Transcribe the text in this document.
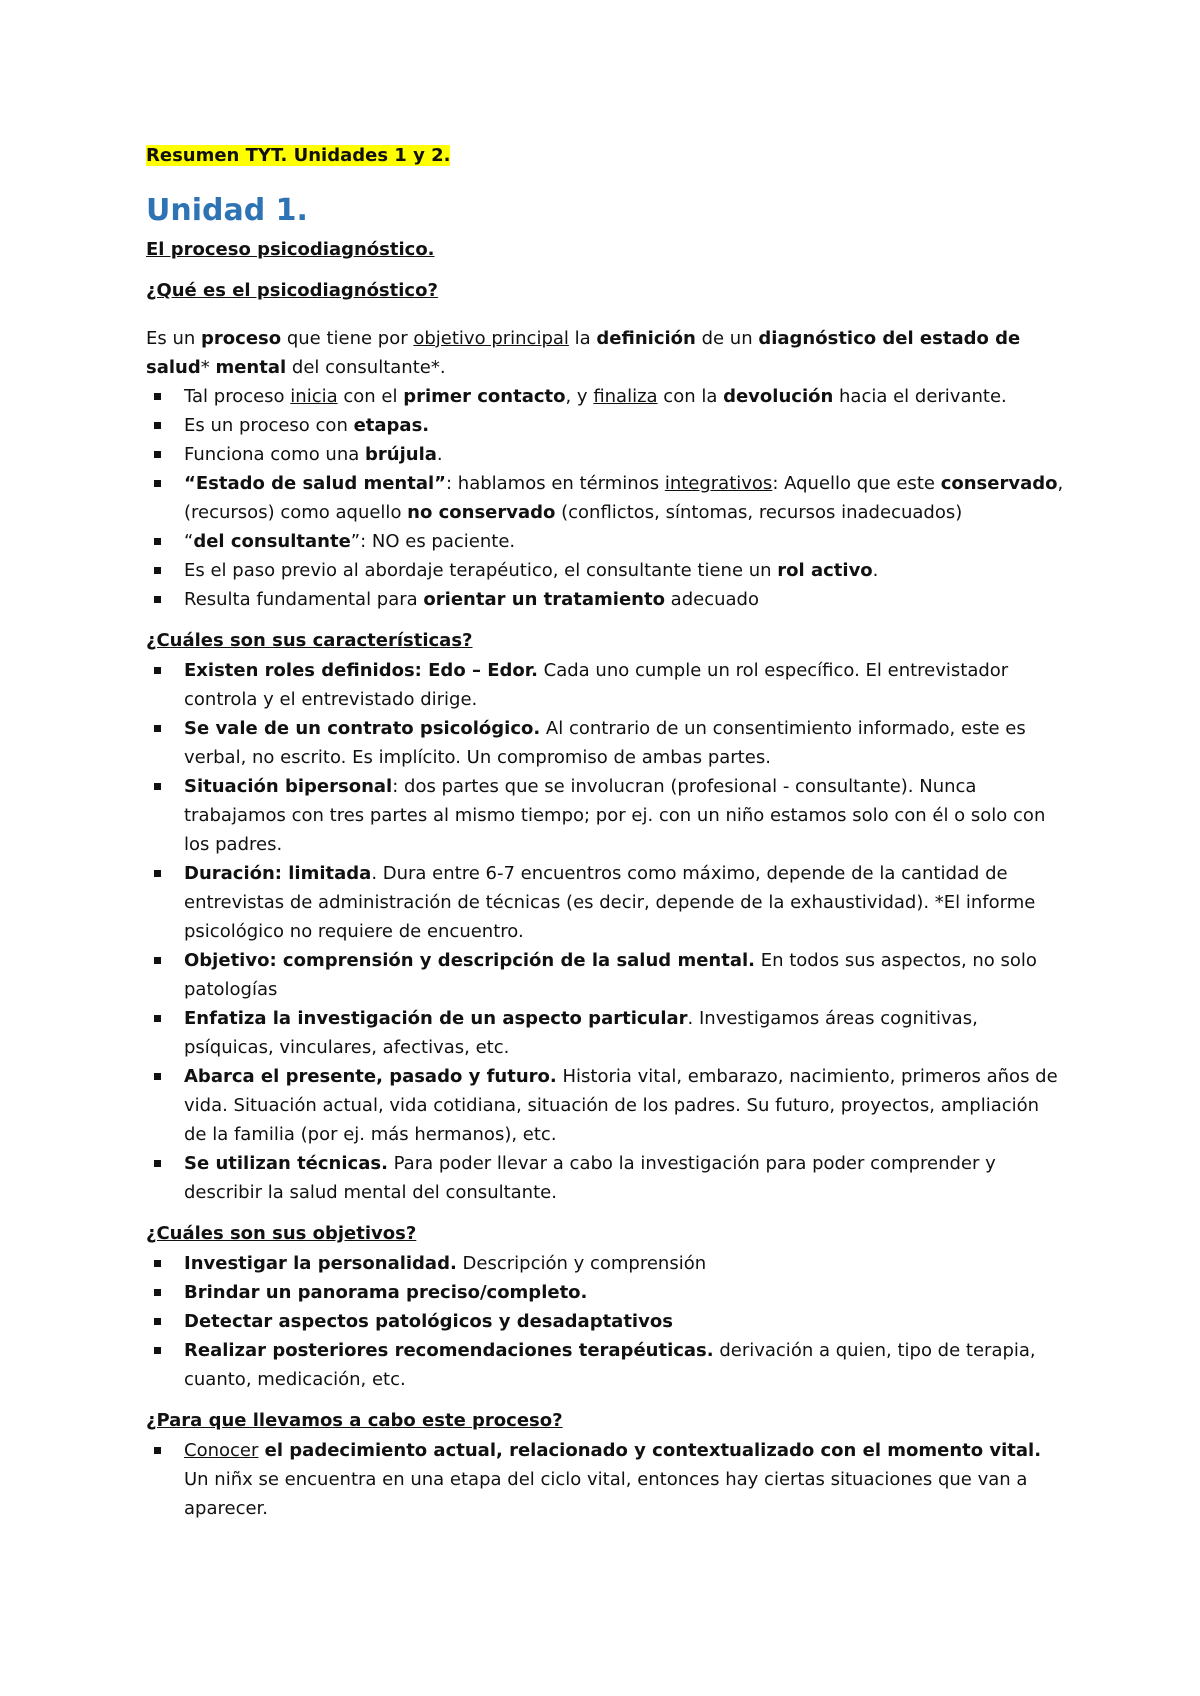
Resumen TYT. Unidades 1 y 2.
Unidad 1.
El proceso psicodiagnóstico.
¿Qué es el psicodiagnóstico?

Es un proceso que tiene por objetivo principal la definición de un diagnóstico del estado de salud* mental del consultante*.

Tal proceso inicia con el primer contacto, y finaliza con la devolución hacia el derivante.
Es un proceso con etapas.
Funciona como una brújula.
“Estado de salud mental”: hablamos en términos integrativos: Aquello que este conservado, (recursos) como aquello no conservado (conflictos, síntomas, recursos inadecuados)
“del consultante”: NO es paciente.
Es el paso previo al abordaje terapéutico, el consultante tiene un rol activo.
Resulta fundamental para orientar un tratamiento adecuado
¿Cuáles son sus características?
Existen roles definidos: Edo – Edor. Cada uno cumple un rol específico. El entrevistador controla y el entrevistado dirige.
Se vale de un contrato psicológico. Al contrario de un consentimiento informado, este es verbal, no escrito. Es implícito. Un compromiso de ambas partes.
Situación bipersonal: dos partes que se involucran (profesional - consultante). Nunca trabajamos con tres partes al mismo tiempo; por ej. con un niño estamos solo con él o solo con los padres.
Duración: limitada. Dura entre 6-7 encuentros como máximo, depende de la cantidad de entrevistas de administración de técnicas (es decir, depende de la exhaustividad). *El informe psicológico no requiere de encuentro.
Objetivo: comprensión y descripción de la salud mental. En todos sus aspectos, no solo patologías
Enfatiza la investigación de un aspecto particular. Investigamos áreas cognitivas, psíquicas, vinculares, afectivas, etc.
Abarca el presente, pasado y futuro. Historia vital, embarazo, nacimiento, primeros años de vida. Situación actual, vida cotidiana, situación de los padres. Su futuro, proyectos, ampliación de la familia (por ej. más hermanos), etc.
Se utilizan técnicas. Para poder llevar a cabo la investigación para poder comprender y describir la salud mental del consultante.
¿Cuáles son sus objetivos?
Investigar la personalidad. Descripción y comprensión
Brindar un panorama preciso/completo.
Detectar aspectos patológicos y desadaptativos
Realizar posteriores recomendaciones terapéuticas. derivación a quien, tipo de terapia, cuanto, medicación, etc.
¿Para que llevamos a cabo este proceso?
Conocer el padecimiento actual, relacionado y contextualizado con el momento vital. Un niñx se encuentra en una etapa del ciclo vital, entonces hay ciertas situaciones que van a aparecer.
